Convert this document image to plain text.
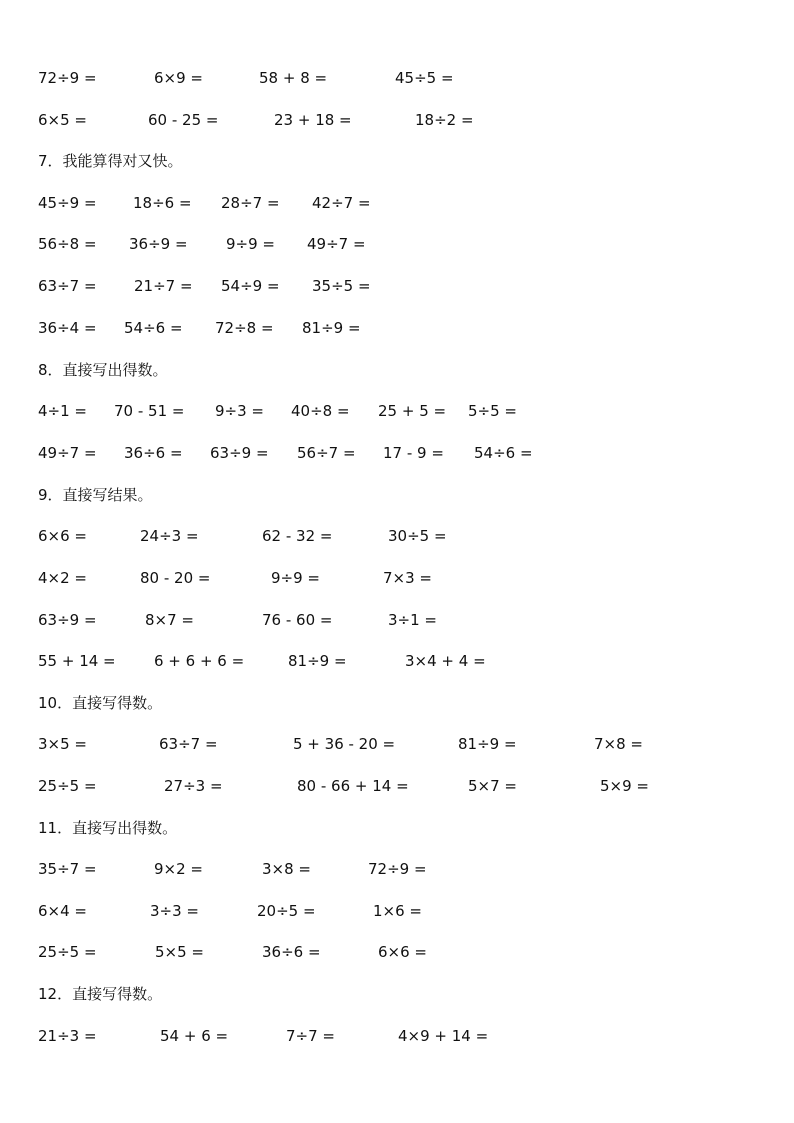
72÷9 =	6×9 =	58 + 8 =	45÷5 =
6×5 =	60 - 25 =	23 + 18 =	18÷2 =
7．我能算得对又快。
45÷9 = 18÷6 = 28÷7 = 42÷7 =
56÷8 = 36÷9 =	9÷9 = 49÷7 =
63÷7 = 21÷7 = 54÷9 = 35÷5 =
36÷4 = 54÷6 = 72÷8 = 81÷9 =
8．直接写出得数。
4÷1 = 70 - 51 = 9÷3 = 40÷8 = 25 + 5 = 5÷5 =
49÷7 = 36÷6 = 63÷9 = 56÷7 = 17 - 9 = 54÷6 =
9．直接写结果。
6×6 =	24÷3 =	62 - 32 =	30÷5 =
4×2 =	80 - 20 =	9÷9 =	7×3 =
63÷9 =	8×7 =	76 - 60 =	3÷1 =
55 + 14 =	6 + 6 + 6 =	81÷9 =	3×4 + 4 =
10．直接写得数。
3×5 =	63÷7 =	5 + 36 - 20 =	81÷9 =	7×8 =
25÷5 =	27÷3 =	80 - 66 + 14 =	5×7 =	5×9 =
11．直接写出得数。
35÷7 =	9×2 =	3×8 =	72÷9 =
6×4 =	3÷3 =	20÷5 =	1×6 =
25÷5 =	5×5 =	36÷6 =	6×6 =
12．直接写得数。
21÷3 =	54 + 6 =	7÷7 =	4×9 + 14 =
